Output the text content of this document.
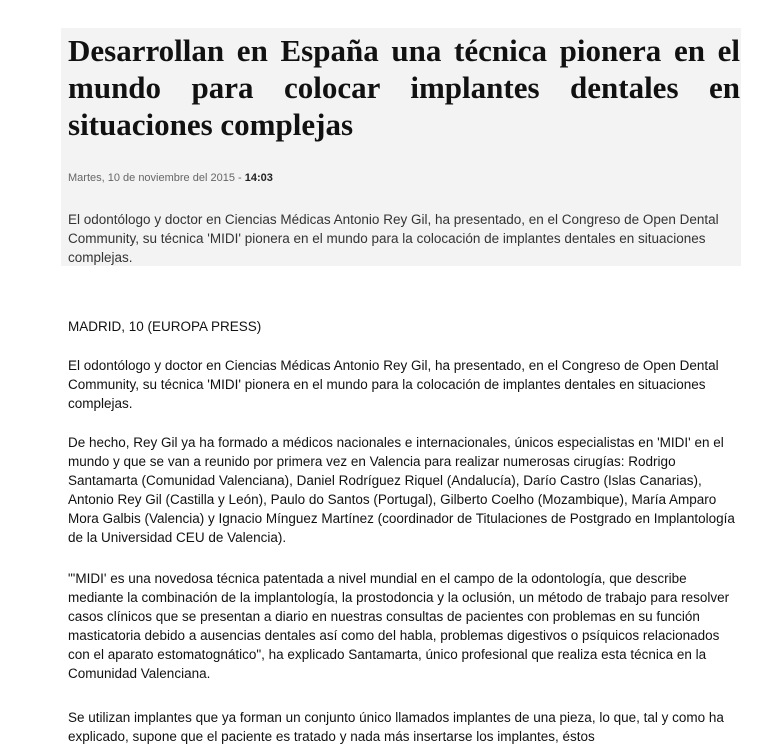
Desarrollan en España una técnica pionera en el mundo para colocar implantes dentales en situaciones complejas
Martes, 10 de noviembre del 2015 - 14:03

El odontólogo y doctor en Ciencias Médicas Antonio Rey Gil, ha presentado, en el Congreso de Open Dental Community, su técnica 'MIDI' pionera en el mundo para la colocación de implantes dentales en situaciones complejas.

MADRID, 10 (EUROPA PRESS)

El odontólogo y doctor en Ciencias Médicas Antonio Rey Gil, ha presentado, en el Congreso de Open Dental Community, su técnica 'MIDI' pionera en el mundo para la colocación de implantes dentales en situaciones complejas.

De hecho, Rey Gil ya ha formado a médicos nacionales e internacionales, únicos especialistas en 'MIDI' en el mundo y que se van a reunido por primera vez en Valencia para realizar numerosas cirugías: Rodrigo Santamarta (Comunidad Valenciana), Daniel Rodríguez Riquel (Andalucía), Darío Castro (Islas Canarias), Antonio Rey Gil (Castilla y León), Paulo do Santos (Portugal), Gilberto Coelho (Mozambique), María Amparo Mora Galbis (Valencia) y Ignacio Mínguez Martínez (coordinador de Titulaciones de Postgrado en Implantología de la Universidad CEU de Valencia).

"'MIDI' es una novedosa técnica patentada a nivel mundial en el campo de la odontología, que describe mediante la combinación de la implantología, la prostodoncia y la oclusión, un método de trabajo para resolver casos clínicos que se presentan a diario en nuestras consultas de pacientes con problemas en su función masticatoria debido a ausencias dentales así como del habla, problemas digestivos o psíquicos relacionados con el aparato estomatognático", ha explicado Santamarta, único profesional que realiza esta técnica en la Comunidad Valenciana.

Se utilizan implantes que ya forman un conjunto único llamados implantes de una pieza, lo que, tal y como ha explicado, supone que el paciente es tratado y nada más insertarse los implantes, éstos
